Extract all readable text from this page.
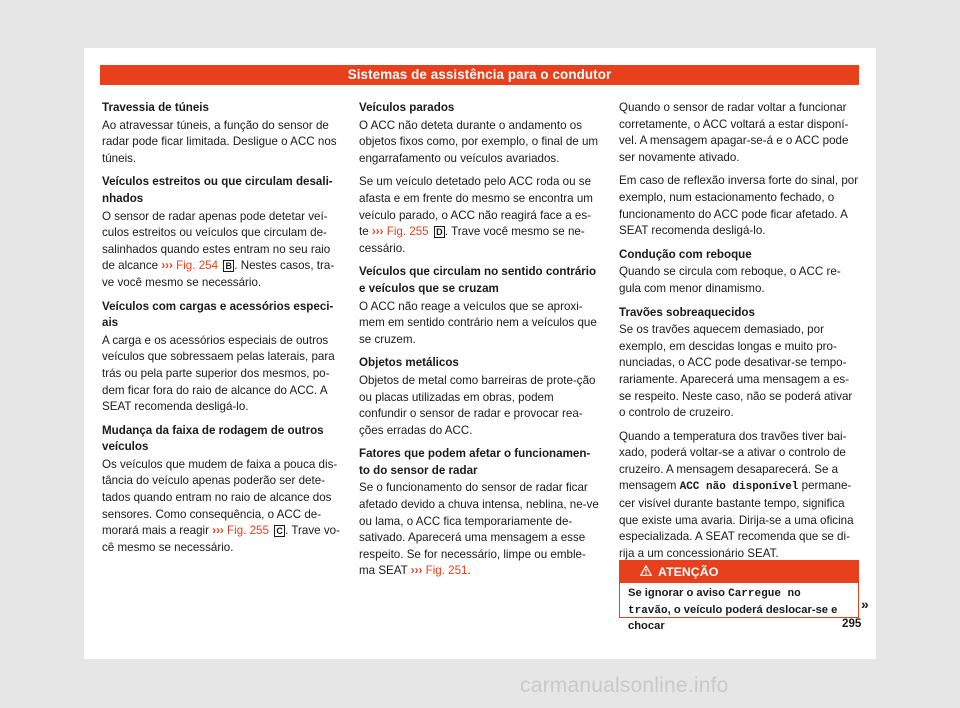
Sistemas de assistência para o condutor
Travessia de túneis

Ao atravessar túneis, a função do sensor de radar pode ficar limitada. Desligue o ACC nos túneis.

Veículos estreitos ou que circulam desali-nhados

O sensor de radar apenas pode detetar veí-culos estreitos ou veículos que circulam de-salinhados quando estes entram no seu raio de alcance ››› Fig. 254 B . Nestes casos, tra-ve você mesmo se necessário.

Veículos com cargas e acessórios especi-ais

A carga e os acessórios especiais de outros veículos que sobressaem pelas laterais, para trás ou pela parte superior dos mesmos, po-dem ficar fora do raio de alcance do ACC. A SEAT recomenda desligá-lo.

Mudança da faixa de rodagem de outros veículos

Os veículos que mudem de faixa a pouca dis-tância do veículo apenas poderão ser dete-tados quando entram no raio de alcance dos sensores. Como consequência, o ACC de-morará mais a reagir ››› Fig. 255 C . Trave vo-cê mesmo se necessário.

Veículos parados

O ACC não deteta durante o andamento os objetos fixos como, por exemplo, o final de um engarrafamento ou veículos avariados.

Se um veículo detetado pelo ACC roda ou se afasta e em frente do mesmo se encontra um veículo parado, o ACC não reagirá face a es-te ››› Fig. 255 D . Trave você mesmo se ne-cessário.

Veículos que circulam no sentido contrário e veículos que se cruzam

O ACC não reage a veículos que se aproxi-mem em sentido contrário nem a veículos que se cruzem.

Objetos metálicos

Objetos de metal como barreiras de prote-ção ou placas utilizadas em obras, podem confundir o sensor de radar e provocar rea-ções erradas do ACC.

Fatores que podem afetar o funcionamen-to do sensor de radar

Se o funcionamento do sensor de radar ficar afetado devido a chuva intensa, neblina, ne-ve ou lama, o ACC fica temporariamente de-sativado. Aparecerá uma mensagem a esse respeito. Se for necessário, limpe ou emble-ma SEAT ››› Fig. 251.

Quando o sensor de radar voltar a funcionar corretamente, o ACC voltará a estar disponí-vel. A mensagem apagar-se-á e o ACC pode ser novamente ativado.

Em caso de reflexão inversa forte do sinal, por exemplo, num estacionamento fechado, o funcionamento do ACC pode ficar afetado. A SEAT recomenda desligá-lo.

Condução com reboque

Quando se circula com reboque, o ACC re-gula com menor dinamismo.

Travões sobreaquecidos

Se os travões aquecem demasiado, por exemplo, em descidas longas e muito pro-nunciadas, o ACC pode desativar-se tempo-rariamente. Aparecerá uma mensagem a es-se respeito. Neste caso, não se poderá ativar o controlo de cruzeiro.

Quando a temperatura dos travões tiver bai-xado, poderá voltar-se a ativar o controlo de cruzeiro. A mensagem desaparecerá. Se a mensagem ACC não disponível permane-cer visível durante bastante tempo, significa que existe uma avaria. Dirija-se a uma oficina especializada. A SEAT recomenda que se di-rija a um concessionário SEAT.

ATENÇÃO
Se ignorar o aviso Carregue no travão, o veículo poderá deslocar-se e chocar
»
295
carmanualsonline.info
